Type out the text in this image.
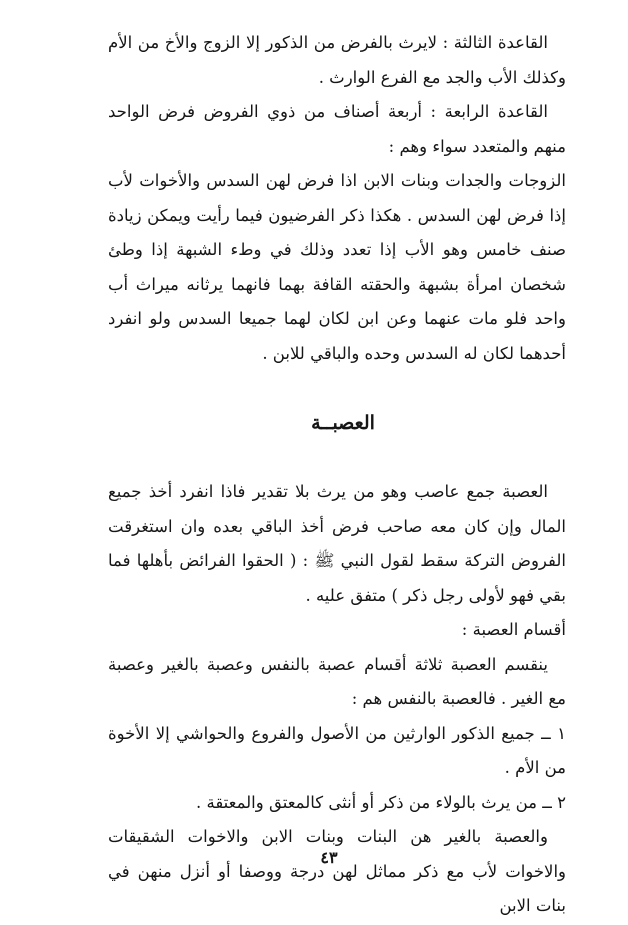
القاعدة الثالثة : لايرث بالفرض من الذكور إلا الزوج والأخ من الأم وكذلك الأب والجد مع الفرع الوارث .

القاعدة الرابعة : أربعة أصناف من ذوي الفروض فرض الواحد منهم والمتعدد سواء وهم :

الزوجات والجدات وبنات الابن اذا فرض لهن السدس والأخوات لأب إذا فرض لهن السدس . هكذا ذكر الفرضيون فيما رأيت ويمكن زيادة صنف خامس وهو الأب إذا تعدد وذلك في وطء الشبهة إذا وطئ شخصان امرأة بشبهة والحقته القافة بهما فانهما يرثانه ميراث أب واحد فلو مات عنهما وعن ابن لكان لهما جميعا السدس ولو انفرد أحدهما لكان له السدس وحده والباقي للابن .

العصبــة

العصبة جمع عاصب وهو من يرث بلا تقدير فاذا انفرد أخذ جميع المال وإن كان معه صاحب فرض أخذ الباقي بعده وان استغرقت الفروض التركة سقط لقول النبي ﷺ : ( الحقوا الفرائض بأهلها فما بقي فهو لأولى رجل ذكر ) متفق عليه .

أقسام العصبة :

ينقسم العصبة ثلاثة أقسام عصبة بالنفس وعصبة بالغير وعصبة مع الغير . فالعصبة بالنفس هم :

١ ــ جميع الذكور الوارثين من الأصول والفروع والحواشي إلا الأخوة من الأم .

٢ ــ من يرث بالولاء من ذكر أو أنثى كالمعتق والمعتقة .

والعصبة بالغير هن البنات وبنات الابن والاخوات الشقيقات والاخوات لأب مع ذكر مماثل لهن درجة ووصفا أو أنزل منهن في بنات الابن

٤٣
